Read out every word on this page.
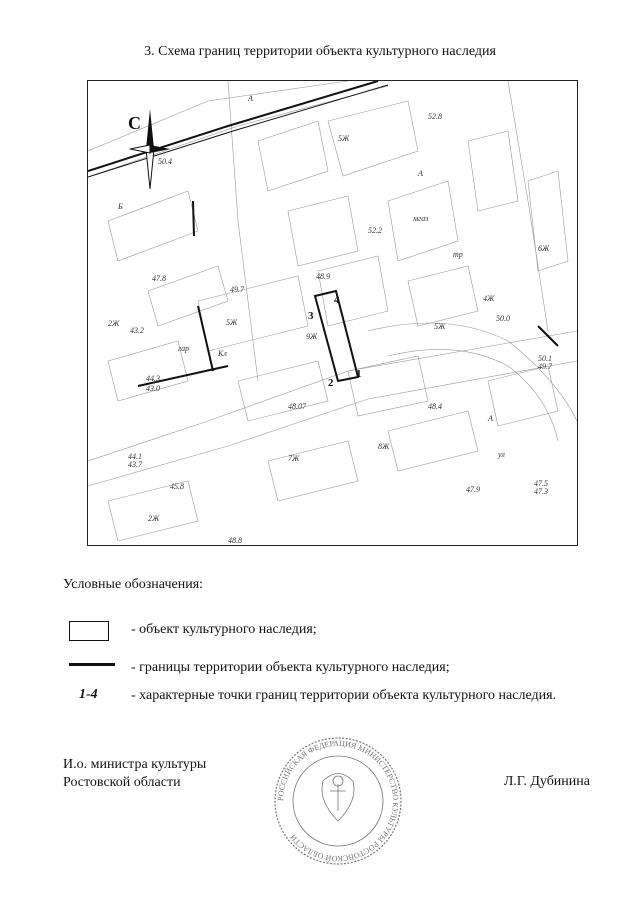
3. Схема границ территории объекта культурного наследия
52.8
50.4
52.2
47.8
49.7
48.9
43.2
44.3
43.0
48.4
48.07
44.1
43.7
45.8	47.9
50.1
49.7
50.0
47.5
47.3
48.8
А
5Ж
А
4Ж
6Ж
5Ж
9Ж
5Ж
2Ж
Кл
гар
мгаз
тр
7Ж
8Ж
Б
ул
А
2Ж
1
2
3
4
С
Условные обозначения:
- объект культурного наследия;
- границы территории объекта культурного наследия;
1-4 - характерные точки границ территории объекта культурного наследия.
И.о. министра культуры
Ростовской области	Л.Г. Дубинина
РОССИЙСКАЯ ФЕДЕРАЦИЯ МИНИСТЕРСТВО КУЛЬТУРЫ РОСТОВСКОЙ ОБЛАСТИ
